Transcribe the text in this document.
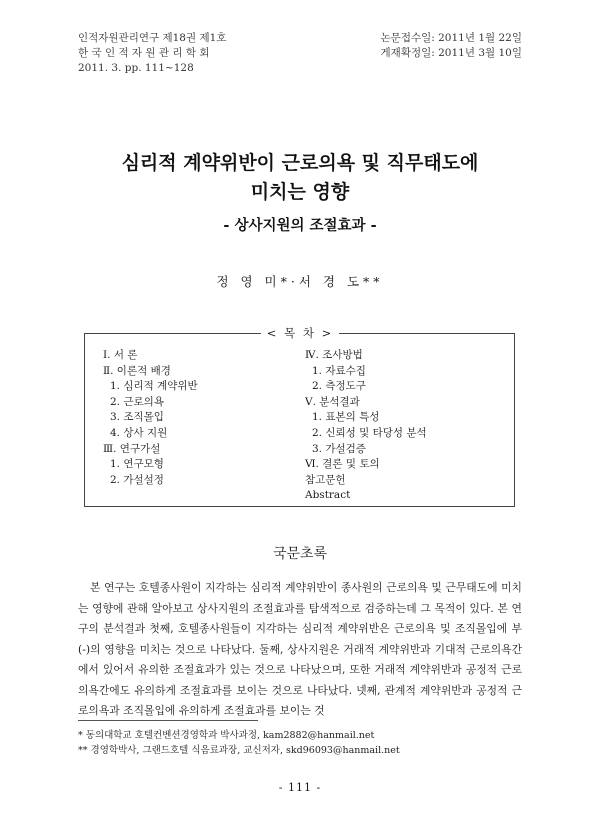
인적자원관리연구 제18권 제1호
한 국 인 적 자 원 관 리 학 회
2011. 3. pp. 111~128
논문접수일: 2011년 1월 22일
게재확정일: 2011년 3월 10일
심리적 계약위반이 근로의욕 및 직무태도에
미치는 영향
- 상사지원의 조절효과 -
정 영 미*·서 경 도**
< 목 차 >
Ⅰ. 서 론
Ⅱ. 이론적 배경
1. 심리적 계약위반
2. 근로의욕
3. 조직몰입
4. 상사 지원
Ⅲ. 연구가설
1. 연구모형
2. 가설설정
Ⅳ. 조사방법
1. 자료수집
2. 측정도구
Ⅴ. 분석결과
1. 표본의 특성
2. 신뢰성 및 타당성 분석
3. 가설검증
Ⅵ. 결론 및 토의
참고문헌
Abstract
국문초록
본 연구는 호텔종사원이 지각하는 심리적 계약위반이 종사원의 근로의욕 및 근무태도에 미치는 영향에 관해 알아보고 상사지원의 조절효과를 탐색적으로 검증하는데 그 목적이 있다. 본 연구의 분석결과 첫째, 호텔종사원들이 지각하는 심리적 계약위반은 근로의욕 및 조직몰입에 부(-)의 영향을 미치는 것으로 나타났다. 둘째, 상사지원은 거래적 계약위반과 기대적 근로의욕간에서 있어서 유의한 조절효과가 있는 것으로 나타났으며, 또한 거래적 계약위반과 공정적 근로의욕간에도 유의하게 조절효과를 보이는 것으로 나타났다. 넷째, 관계적 계약위반과 공정적 근로의욕과 조직몰입에 유의하게 조절효과를 보이는 것
* 동의대학교 호텔컨벤션경영학과 박사과정, kam2882@hanmail.net
** 경영학박사, 그랜드호텔 식음료과장, 교신저자, skd96093@hanmail.net
- 111 -
